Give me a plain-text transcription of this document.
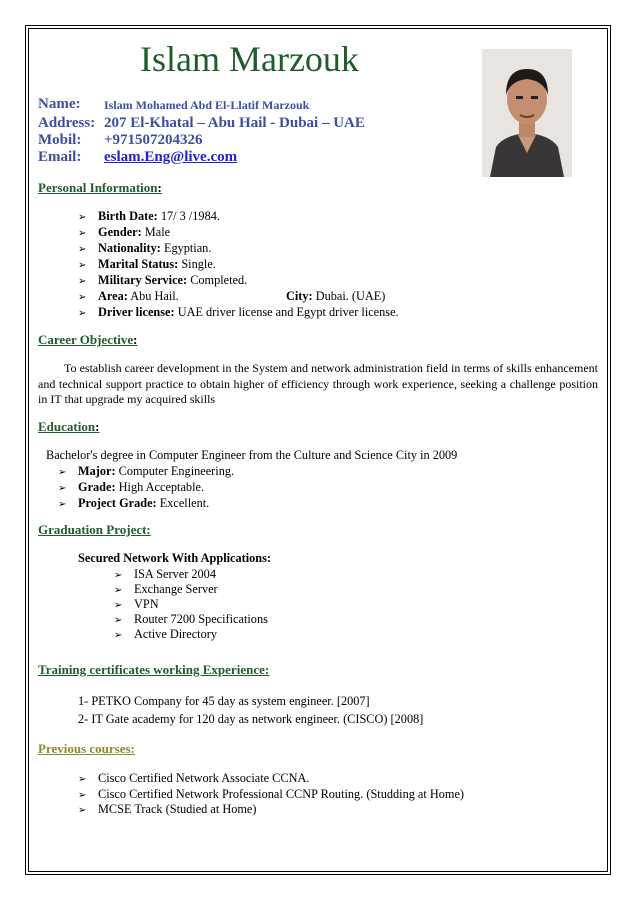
Islam Marzouk
Name: Islam Mohamed Abd El-Llatif Marzouk
Address: 207 El-Khatal – Abu Hail - Dubai – UAE
Mobil: +971507204326
Email: eslam.Eng@live.com
Personal Information:
➢ Birth Date: 17/ 3 /1984.
➢ Gender: Male
➢ Nationality: Egyptian.
➢ Marital Status: Single.
➢ Military Service: Completed.
➢ Area: Abu Hail.	City: Dubai. (UAE)
➢ Driver license: UAE driver license and Egypt driver license.
Career Objective:
To establish career development in the System and network administration field in terms of skills enhancement and technical support practice to obtain higher of efficiency through work experience, seeking a challenge position in IT that upgrade my acquired skills
Education:
Bachelor's degree in Computer Engineer from the Culture and Science City in 2009
➢ Major: Computer Engineering.
➢ Grade: High Acceptable.
➢ Project Grade: Excellent.
Graduation Project:
Secured Network With Applications:
➢ ISA Server 2004
➢ Exchange Server
➢ VPN
➢ Router 7200 Specifications
➢ Active Directory
Training certificates working Experience:
1- PETKO Company for 45 day as system engineer. [2007]
2- IT Gate academy for 120 day as network engineer. (CISCO) [2008]
Previous courses:
➢ Cisco Certified Network Associate CCNA.
➢ Cisco Certified Network Professional CCNP Routing. (Studding at Home)
➢ MCSE Track (Studied at Home)
